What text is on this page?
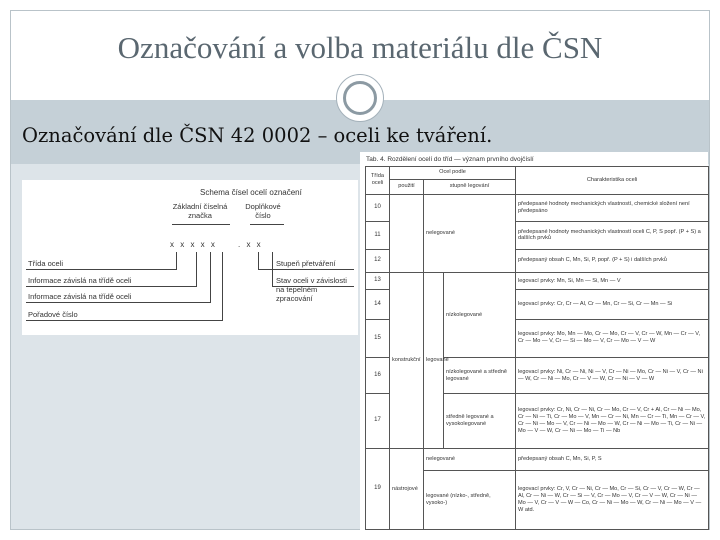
Označování a volba materiálu dle ČSN
Schema čísel ocelí označení
Základní číselná značka
Doplňkové číslo
x x x x x	. x x
Třída oceli
Informace závislá na třídě oceli
Informace závislá na třídě oceli
Pořadové číslo
Stupeň přetváření
Stav oceli v závislosti na tepelném zpracování
Tab. 4. Rozdělení ocelí do tříd — význam prvního dvojčíslí
Třída oceli	Ocel podle			Charakteristika oceli
	použití	stupně legování		
10		nelegované		předepsané hodnoty mechanických vlastností, chemické složení není předepsáno
11				předepsané hodnoty mechanických vlastností oceli C, P, S popř. (P + S) a dalších prvků
12				předepsaný obsah C, Mn, Si, P, popř. (P + S) i dalších prvků
13	konstrukční	legované	nízkolegované	legovací prvky: Mn, Si, Mn — Si, Mn — V
14				legovací prvky: Cr, Cr — Al, Cr — Mn, Cr — Si, Cr — Mn — Si
15				legovací prvky: Mo, Mn — Mo, Cr — Mo, Cr — V, Cr — W, Mn — Cr — V, Cr — Mo — V, Cr — Si — Mo — V, Cr — Mo — V — W
16			nízkolegované a středně legované	legovací prvky: Ni, Cr — Ni, Ni — V, Cr — Ni — Mo, Cr — Ni — V, Cr — Ni — W, Cr — Ni — Mo, Cr — V — W, Cr — Ni — V — W
17			středně legované a vysokolegované	legovací prvky: Cr, Ni, Cr — Ni, Cr — Mo, Cr — V, Cr + Al, Cr — Ni — Mo, Cr — Ni — Ti, Cr — Mo — V, Mn — Cr — Ni, Mn — Cr — Ti, Mn — Cr — V, Cr — Ni — Mo — V, Cr — Ni — Mo — W, Cr — Ni — Mo — Ti, Cr — Ni — Mo — V — W, Cr — Ni — Mo — Ti — Nb
19	nástrojové	nelegované		předepsaný obsah C, Mn, Si, P, S
		legované (nízko-, středně, vysoko-)		legovací prvky: Cr, V, Cr — Ni, Cr — Mo, Cr — Si, Cr — V, Cr — W, Cr — Al, Cr — Ni — W, Cr — Si — V, Cr — Mo — V, Cr — V — W, Cr — Ni — Mo — V, Cr — V — W — Co, Cr — Ni — Mo — W, Cr — Ni — Mo — V — W atd.
Označování dle ČSN 42 0002 – oceli ke tváření.
